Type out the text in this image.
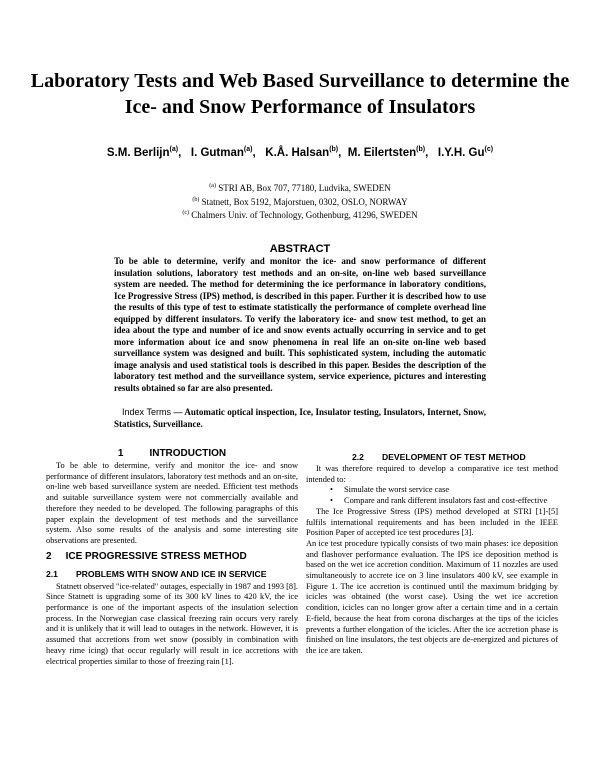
Laboratory Tests and Web Based Surveillance to determine the Ice- and Snow Performance of Insulators
S.M. Berlijn$^{(a)}$,   I. Gutman$^{(a)}$,   K.Å. Halsan$^{(b)}$,  M. Eilertsten$^{(b)}$,   I.Y.H. Gu$^{(c)}$
$^{(a)}$ STRI AB, Box 707, 77180, Ludvika, SWEDEN
$^{(b)}$ Statnett, Box 5192, Majorstuen, 0302, OSLO, NORWAY
$^{(c)}$ Chalmers Univ. of Technology, Gothenburg, 41296, SWEDEN
ABSTRACT
To be able to determine, verify and monitor the ice- and snow performance of different insulation solutions, laboratory test methods and an on-site, on-line web based surveillance system are needed. The method for determining the ice performance in laboratory conditions, Ice Progressive Stress (IPS) method, is described in this paper. Further it is described how to use the results of this type of test to estimate statistically the performance of complete overhead line equipped by different insulators. To verify the laboratory ice- and snow test method, to get an idea about the type and number of ice and snow events actually occurring in service and to get more information about ice and snow phenomena in real life an on-site on-line web based surveillance system was designed and built. This sophisticated system, including the automatic image analysis and used statistical tools is described in this paper. Besides the description of the laboratory test method and the surveillance system, service experience, pictures and interesting results obtained so far are also presented.
Index Terms — Automatic optical inspection, Ice, Insulator testing, Insulators, Internet, Snow, Statistics, Surveillance.
1	INTRODUCTION

To be able to determine, verify and monitor the ice- and snow performance of different insulators, laboratory test methods and an on-site, on-line web based surveillance system are needed. Efficient test methods and suitable surveillance system were not commercially available and therefore they needed to be developed. The following paragraphs of this paper explain the development of test methods and the surveillance system. Also some results of the analysis and some interesting site observations are presented.

2 ICE PROGRESSIVE STRESS METHOD
2.1 PROBLEMS WITH SNOW AND ICE IN SERVICE

Statnett observed "ice-related" outages, especially in 1987 and 1993 [8]. Since Statnett is upgrading some of its 300 kV lines to 420 kV, the ice performance is one of the important aspects of the insulation selection process. In the Norwegian case classical freezing rain occurs very rarely and it is unlikely that it will lead to outages in the network. However, it is assumed that accretions from wet snow (possibly in combination with heavy rime icing) that occur regularly will result in ice accretions with electrical properties similar to those of freezing rain [1].

2.2 DEVELOPMENT OF TEST METHOD

It was therefore required to develop a comparative ice test method intended to:

• Simulate the worst service case
• Compare and rank different insulators fast and cost-effective

The Ice Progressive Stress (IPS) method developed at STRI [1]-[5] fulfils international requirements and has been included in the IEEE Position Paper of accepted ice test procedures [3].

An ice test procedure typically consists of two main phases: ice deposition and flashover performance evaluation. The IPS ice deposition method is based on the wet ice accretion condition. Maximum of 11 nozzles are used simultaneously to accrete ice on 3 line insulators 400 kV, see example in Figure 1. The ice accretion is continued until the maximum bridging by icicles was obtained (the worst case). Using the wet ice accretion condition, icicles can no longer grow after a certain time and in a certain E-field, because the heat from corona discharges at the tips of the icicles prevents a further elongation of the icicles. After the ice accretion phase is finished on line insulators, the test objects are de-energized and pictures of the ice are taken.
